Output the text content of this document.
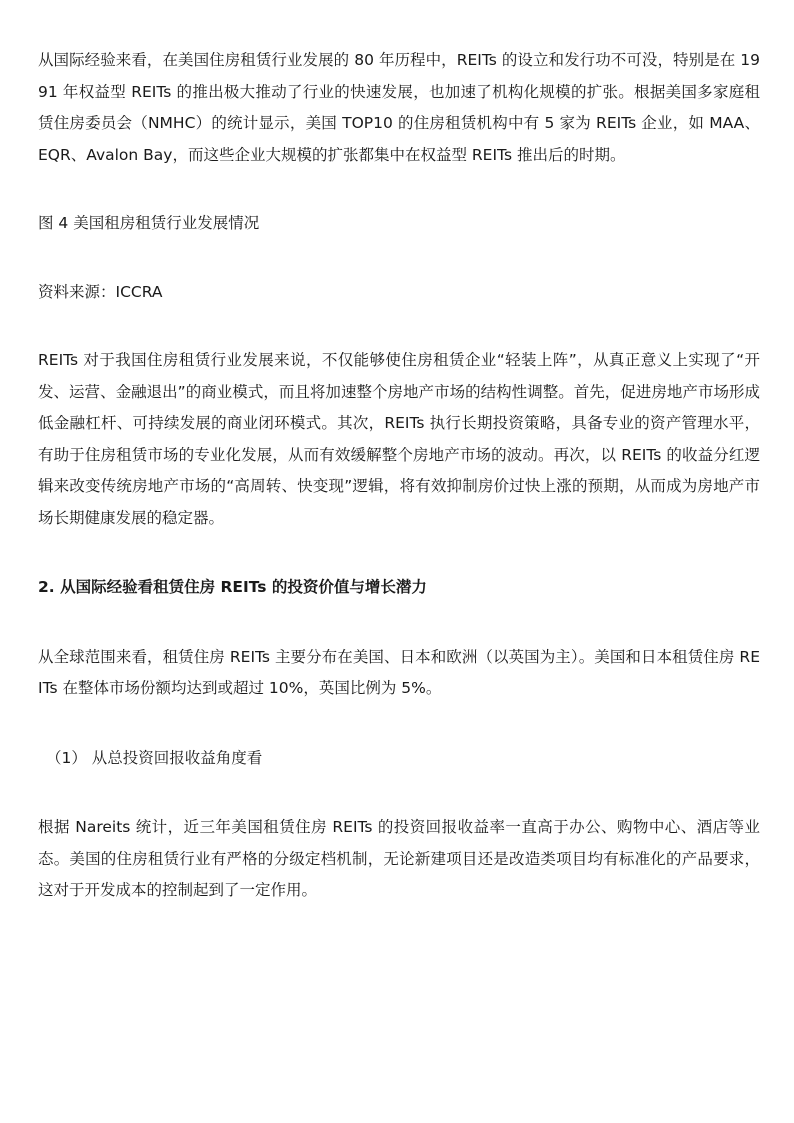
从国际经验来看，在美国住房租赁行业发展的 80 年历程中，REITs 的设立和发行功不可没，特别是在 1991 年权益型 REITs 的推出极大推动了行业的快速发展，也加速了机构化规模的扩张。根据美国多家庭租赁住房委员会（NMHC）的统计显示，美国 TOP10 的住房租赁机构中有 5 家为 REITs 企业，如 MAA、EQR、Avalon Bay，而这些企业大规模的扩张都集中在权益型 REITs 推出后的时期。

图 4 美国租房租赁行业发展情况

资料来源：ICCRA

REITs 对于我国住房租赁行业发展来说，不仅能够使住房租赁企业“轻装上阵”，从真正意义上实现了“开发、运营、金融退出”的商业模式，而且将加速整个房地产市场的结构性调整。首先，促进房地产市场形成低金融杠杆、可持续发展的商业闭环模式。其次，REITs 执行长期投资策略，具备专业的资产管理水平，有助于住房租赁市场的专业化发展，从而有效缓解整个房地产市场的波动。再次，以 REITs 的收益分红逻辑来改变传统房地产市场的“高周转、快变现”逻辑，将有效抑制房价过快上涨的预期，从而成为房地产市场长期健康发展的稳定器。

2. 从国际经验看租赁住房 REITs 的投资价值与增长潜力

从全球范围来看，租赁住房 REITs 主要分布在美国、日本和欧洲（以英国为主）。美国和日本租赁住房 REITs 在整体市场份额均达到或超过 10%，英国比例为 5%。

（1） 从总投资回报收益角度看

根据 Nareits 统计，近三年美国租赁住房 REITs 的投资回报收益率一直高于办公、购物中心、酒店等业态。美国的住房租赁行业有严格的分级定档机制，无论新建项目还是改造类项目均有标准化的产品要求，这对于开发成本的控制起到了一定作用。
